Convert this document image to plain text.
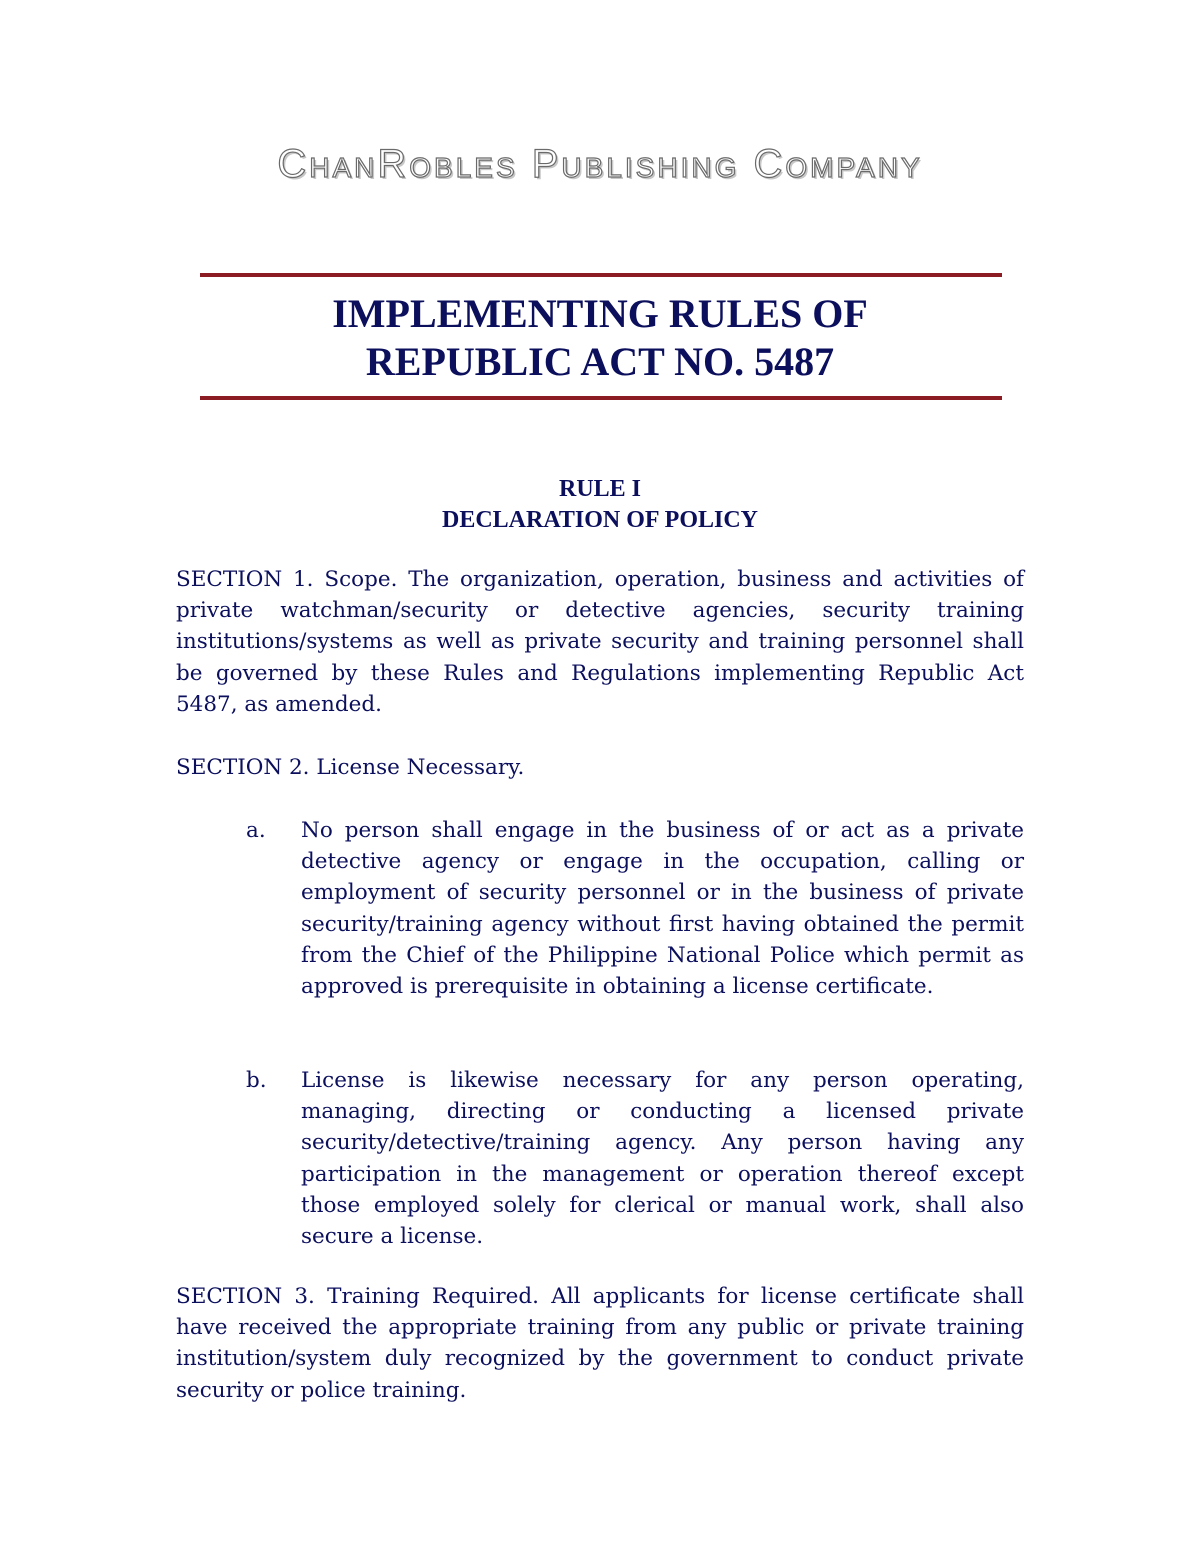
ChanRobles Publishing Company
IMPLEMENTING RULES OF
REPUBLIC ACT NO. 5487
RULE I
DECLARATION OF POLICY
SECTION 1. Scope. The organization, operation, business and activities of private watchman/security or detective agencies, security training institutions/systems as well as private security and training personnel shall be governed by these Rules and Regulations implementing Republic Act 5487, as amended.
SECTION 2. License Necessary.
a. No person shall engage in the business of or act as a private detective agency or engage in the occupation, calling or employment of security personnel or in the business of private security/training agency without first having obtained the permit from the Chief of the Philippine National Police which permit as approved is prerequisite in obtaining a license certificate.
b. License is likewise necessary for any person operating, managing, directing or conducting a licensed private security/detective/training agency. Any person having any participation in the management or operation thereof except those employed solely for clerical or manual work, shall also secure a license.
SECTION 3. Training Required. All applicants for license certificate shall have received the appropriate training from any public or private training institution/system duly recognized by the government to conduct private security or police training.
